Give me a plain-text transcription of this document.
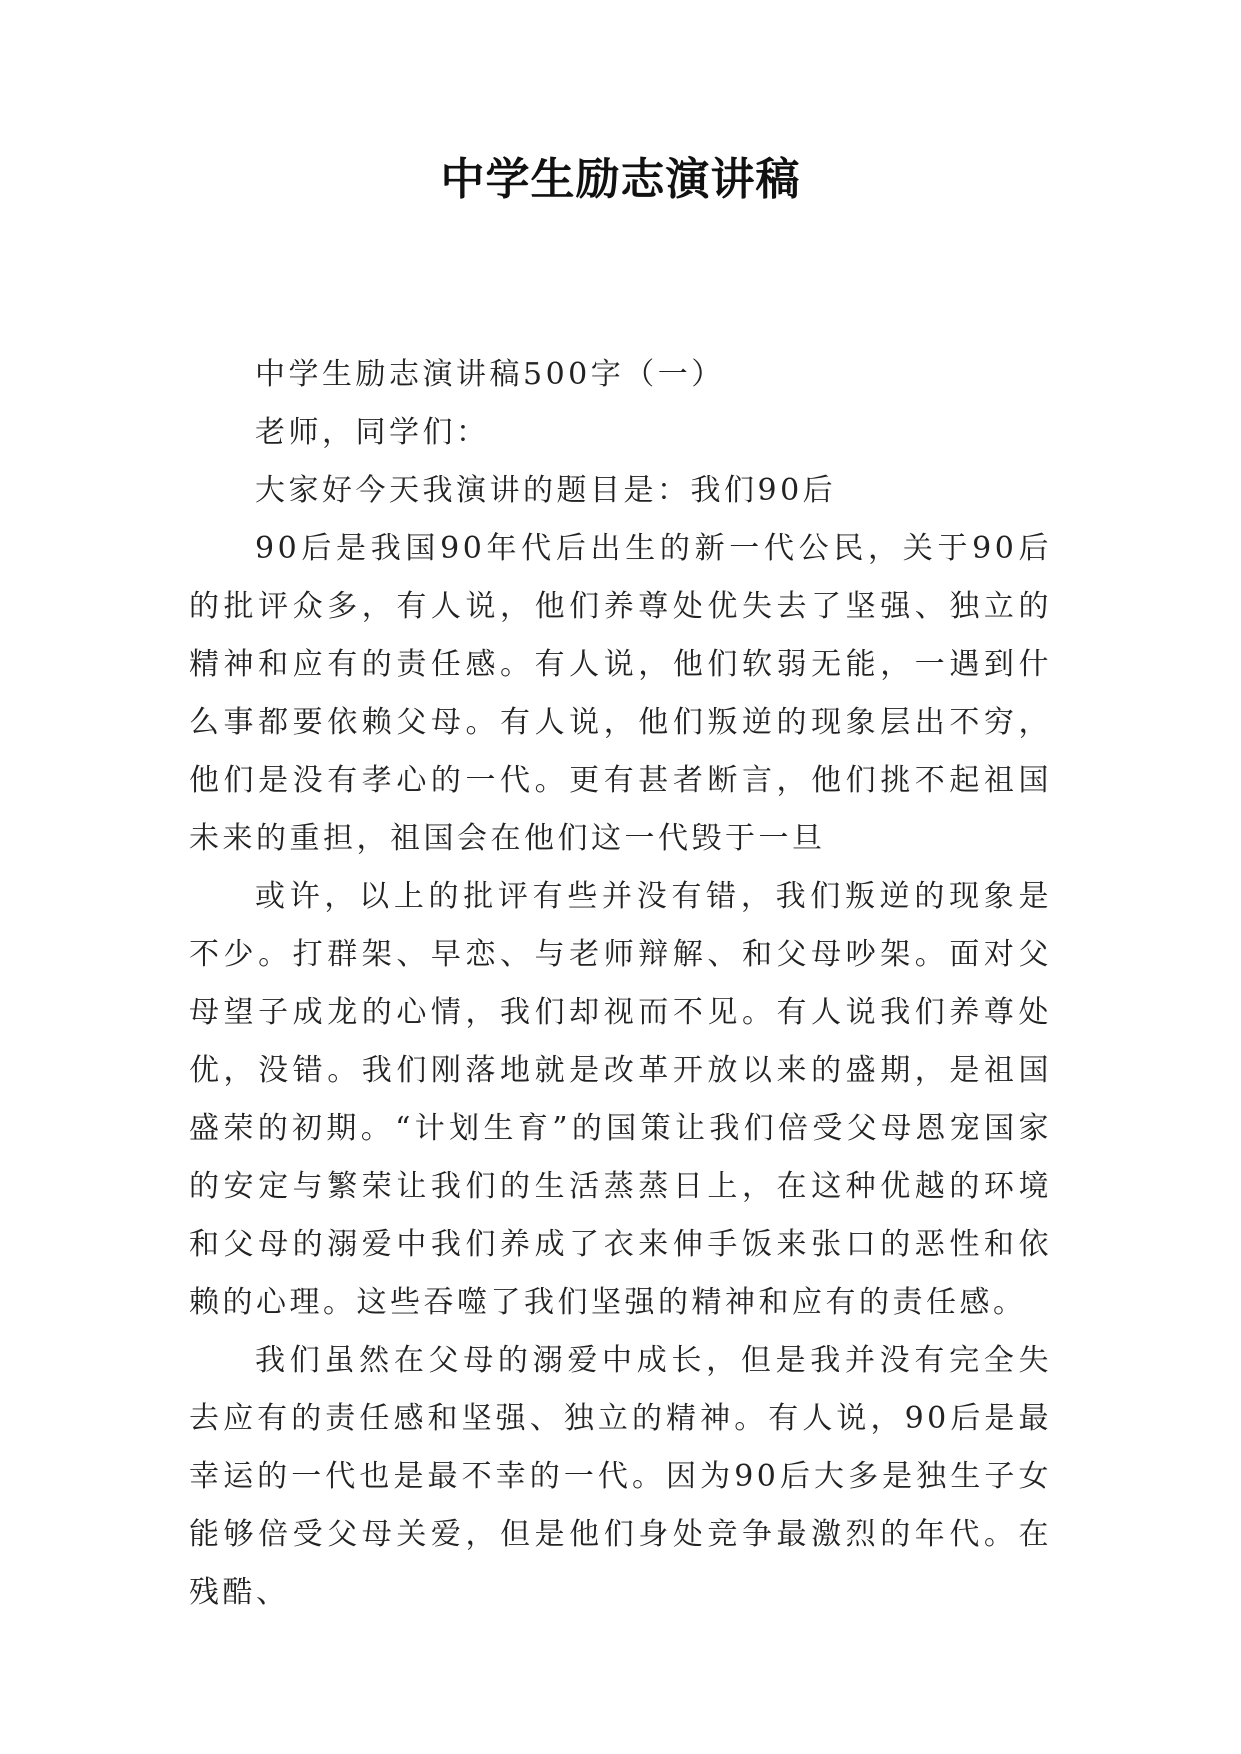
中学生励志演讲稿

中学生励志演讲稿500字（一）

老师，同学们：

大家好今天我演讲的题目是：我们90后

90后是我国90年代后出生的新一代公民，关于90后的批评众多，有人说，他们养尊处优失去了坚强、独立的精神和应有的责任感。有人说，他们软弱无能，一遇到什么事都要依赖父母。有人说，他们叛逆的现象层出不穷，他们是没有孝心的一代。更有甚者断言，他们挑不起祖国未来的重担，祖国会在他们这一代毁于一旦

或许，以上的批评有些并没有错，我们叛逆的现象是不少。打群架、早恋、与老师辩解、和父母吵架。面对父母望子成龙的心情，我们却视而不见。有人说我们养尊处优，没错。我们刚落地就是改革开放以来的盛期，是祖国盛荣的初期。“计划生育”的国策让我们倍受父母恩宠国家的安定与繁荣让我们的生活蒸蒸日上，在这种优越的环境和父母的溺爱中我们养成了衣来伸手饭来张口的恶性和依赖的心理。这些吞噬了我们坚强的精神和应有的责任感。

我们虽然在父母的溺爱中成长，但是我并没有完全失去应有的责任感和坚强、独立的精神。有人说，90后是最幸运的一代也是最不幸的一代。因为90后大多是独生子女能够倍受父母关爱，但是他们身处竞争最激烈的年代。在残酷、
